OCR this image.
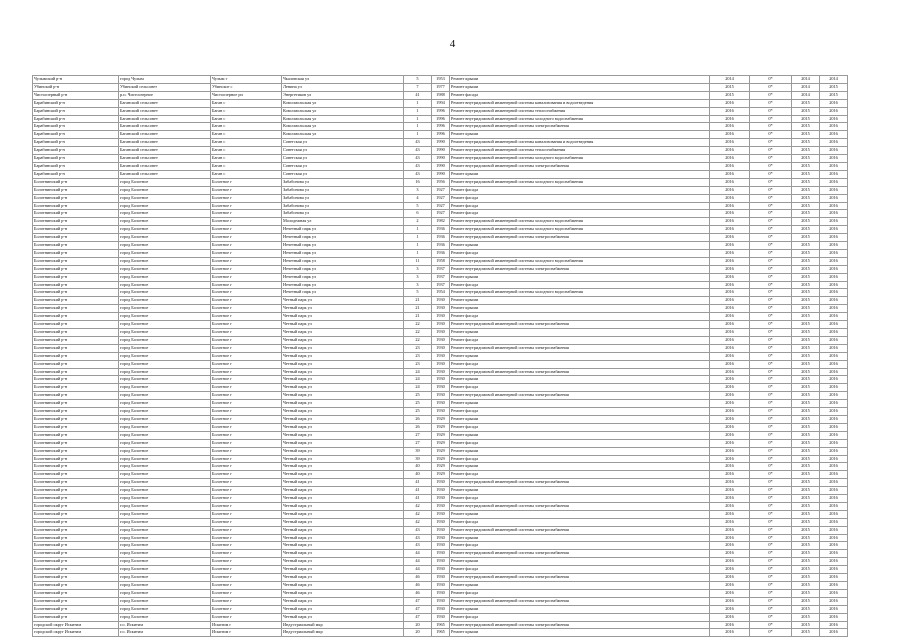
4
Чулымский р-н	город Чулым	Чулым г	Чкаловская ул	5	1953	Ремонт крыши	2014	0*	2014	2014
Убинский р-н	Убинский сельсовет	Убинское с	Ленина ул	7	1977	Ремонт крыши	2015	0*	2014	2015
Чистоозерный р-н	р.п. Чистоозерное	Чистоозерное рп	Энергетиков ул	41	1988	Ремонт фасада	2015	0*	2014	2015
Барабинский р-н	Баганский сельсовет	Баган с	Комсомольская ул	1	1994	Ремонт внутридомовой инженерной системы канализования и водоотведения	2016	0*	2015	2016
Барабинский р-н	Баганский сельсовет	Баган с	Комсомольская ул	1	1996	Ремонт внутридомовой инженерной системы теплоснабжения	2016	0*	2015	2016
Барабинский р-н	Баганский сельсовет	Баган с	Комсомольская ул	1	1996	Ремонт внутридомовой инженерной системы холодного водоснабжения	2016	0*	2015	2016
Барабинский р-н	Баганский сельсовет	Баган с	Комсомольская ул	1	1996	Ремонт внутридомовой инженерной системы электроснабжения	2016	0*	2015	2016
Барабинский р-н	Баганский сельсовет	Баган с	Комсомольская ул	1	1996	Ремонт крыши	2016	0*	2015	2016
Барабинский р-н	Баганский сельсовет	Баган с	Советская ул	43	1990	Ремонт внутридомовой инженерной системы канализования и водоотведения	2016	0*	2015	2016
Барабинский р-н	Баганский сельсовет	Баган с	Советская ул	43	1990	Ремонт внутридомовой инженерной системы теплоснабжения	2016	0*	2015	2016
Барабинский р-н	Баганский сельсовет	Баган с	Советская ул	43	1990	Ремонт внутридомовой инженерной системы холодного водоснабжения	2016	0*	2015	2016
Барабинский р-н	Баганский сельсовет	Баган с	Советская ул	43	1990	Ремонт внутридомовой инженерной системы электроснабжения	2016	0*	2015	2016
Барабинский р-н	Баганский сельсовет	Баган с	Советская ул	43	1990	Ремонт крыши	2016	0*	2015	2016
Болотнинский р-н	город Болотное	Болотное г	Забабонова ул	16	1956	Ремонт внутридомовой инженерной системы холодного водоснабжения	2016	0*	2015	2016
Болотнинский р-н	город Болотное	Болотное г	Забабонова ул	3	1927	Ремонт фасада	2016	0*	2015	2016
Болотнинский р-н	город Болотное	Болотное г	Забабонова ул	4	1927	Ремонт фасада	2016	0*	2015	2016
Болотнинский р-н	город Болотное	Болотное г	Забабонова ул	5	1927	Ремонт фасада	2016	0*	2015	2016
Болотнинский р-н	город Болотное	Болотное г	Забабонова ул	6	1927	Ремонт фасада	2016	0*	2015	2016
Болотнинский р-н	город Болотное	Болотное г	Молодежная ул	2	1982	Ремонт внутридомовой инженерной системы холодного водоснабжения	2016	0*	2015	2016
Болотнинский р-н	город Болотное	Болотное г	Нечетный парк ул	1	1936	Ремонт внутридомовой инженерной системы холодного водоснабжения	2016	0*	2015	2016
Болотнинский р-н	город Болотное	Болотное г	Нечетный парк ул	1	1936	Ремонт внутридомовой инженерной системы электроснабжения	2016	0*	2015	2016
Болотнинский р-н	город Болотное	Болотное г	Нечетный парк ул	1	1936	Ремонт крыши	2016	0*	2015	2016
Болотнинский р-н	город Болотное	Болотное г	Нечетный парк ул	1	1936	Ремонт фасада	2016	0*	2015	2016
Болотнинский р-н	город Болотное	Болотное г	Нечетный парк ул	11	1958	Ремонт внутридомовой инженерной системы холодного водоснабжения	2016	0*	2015	2016
Болотнинский р-н	город Болотное	Болотное г	Нечетный парк ул	3	1937	Ремонт внутридомовой инженерной системы электроснабжения	2016	0*	2015	2016
Болотнинский р-н	город Болотное	Болотное г	Нечетный парк ул	3	1937	Ремонт крыши	2016	0*	2015	2016
Болотнинский р-н	город Болотное	Болотное г	Нечетный парк ул	3	1937	Ремонт фасада	2016	0*	2015	2016
Болотнинский р-н	город Болотное	Болотное г	Нечетный парк ул	5	1954	Ремонт внутридомовой инженерной системы холодного водоснабжения	2016	0*	2015	2016
Болотнинский р-н	город Болотное	Болотное г	Четный парк ул	21	1930	Ремонт крыши	2016	0*	2015	2016
Болотнинский р-н	город Болотное	Болотное г	Четный парк ул	21	1930	Ремонт крыши	2016	0*	2015	2016
Болотнинский р-н	город Болотное	Болотное г	Четный парк ул	21	1930	Ремонт фасада	2016	0*	2015	2016
Болотнинский р-н	город Болотное	Болотное г	Четный парк ул	22	1930	Ремонт внутридомовой инженерной системы электроснабжения	2016	0*	2015	2016
Болотнинский р-н	город Болотное	Болотное г	Четный парк ул	22	1930	Ремонт крыши	2016	0*	2015	2016
Болотнинский р-н	город Болотное	Болотное г	Четный парк ул	22	1930	Ремонт фасада	2016	0*	2015	2016
Болотнинский р-н	город Болотное	Болотное г	Четный парк ул	23	1930	Ремонт внутридомовой инженерной системы электроснабжения	2016	0*	2015	2016
Болотнинский р-н	город Болотное	Болотное г	Четный парк ул	23	1930	Ремонт крыши	2016	0*	2015	2016
Болотнинский р-н	город Болотное	Болотное г	Четный парк ул	23	1930	Ремонт фасада	2016	0*	2015	2016
Болотнинский р-н	город Болотное	Болотное г	Четный парк ул	24	1930	Ремонт внутридомовой инженерной системы электроснабжения	2016	0*	2015	2016
Болотнинский р-н	город Болотное	Болотное г	Четный парк ул	24	1930	Ремонт крыши	2016	0*	2015	2016
Болотнинский р-н	город Болотное	Болотное г	Четный парк ул	24	1930	Ремонт фасада	2016	0*	2015	2016
Болотнинский р-н	город Болотное	Болотное г	Четный парк ул	25	1930	Ремонт внутридомовой инженерной системы электроснабжения	2016	0*	2015	2016
Болотнинский р-н	город Болотное	Болотное г	Четный парк ул	25	1930	Ремонт крыши	2016	0*	2015	2016
Болотнинский р-н	город Болотное	Болотное г	Четный парк ул	25	1930	Ремонт фасада	2016	0*	2015	2016
Болотнинский р-н	город Болотное	Болотное г	Четный парк ул	26	1929	Ремонт крыши	2016	0*	2015	2016
Болотнинский р-н	город Болотное	Болотное г	Четный парк ул	26	1929	Ремонт фасада	2016	0*	2015	2016
Болотнинский р-н	город Болотное	Болотное г	Четный парк ул	27	1929	Ремонт крыши	2016	0*	2015	2016
Болотнинский р-н	город Болотное	Болотное г	Четный парк ул	27	1929	Ремонт фасада	2016	0*	2015	2016
Болотнинский р-н	город Болотное	Болотное г	Четный парк ул	39	1929	Ремонт крыши	2016	0*	2015	2016
Болотнинский р-н	город Болотное	Болотное г	Четный парк ул	39	1929	Ремонт фасада	2016	0*	2015	2016
Болотнинский р-н	город Болотное	Болотное г	Четный парк ул	40	1929	Ремонт крыши	2016	0*	2015	2016
Болотнинский р-н	город Болотное	Болотное г	Четный парк ул	40	1929	Ремонт фасада	2016	0*	2015	2016
Болотнинский р-н	город Болотное	Болотное г	Четный парк ул	41	1930	Ремонт внутридомовой инженерной системы электроснабжения	2016	0*	2015	2016
Болотнинский р-н	город Болотное	Болотное г	Четный парк ул	41	1930	Ремонт крыши	2016	0*	2015	2016
Болотнинский р-н	город Болотное	Болотное г	Четный парк ул	41	1930	Ремонт фасада	2016	0*	2015	2016
Болотнинский р-н	город Болотное	Болотное г	Четный парк ул	42	1930	Ремонт внутридомовой инженерной системы электроснабжения	2016	0*	2015	2016
Болотнинский р-н	город Болотное	Болотное г	Четный парк ул	42	1930	Ремонт крыши	2016	0*	2015	2016
Болотнинский р-н	город Болотное	Болотное г	Четный парк ул	42	1930	Ремонт фасада	2016	0*	2015	2016
Болотнинский р-н	город Болотное	Болотное г	Четный парк ул	43	1930	Ремонт внутридомовой инженерной системы электроснабжения	2016	0*	2015	2016
Болотнинский р-н	город Болотное	Болотное г	Четный парк ул	43	1930	Ремонт крыши	2016	0*	2015	2016
Болотнинский р-н	город Болотное	Болотное г	Четный парк ул	43	1930	Ремонт фасада	2016	0*	2015	2016
Болотнинский р-н	город Болотное	Болотное г	Четный парк ул	44	1930	Ремонт внутридомовой инженерной системы электроснабжения	2016	0*	2015	2016
Болотнинский р-н	город Болотное	Болотное г	Четный парк ул	44	1930	Ремонт крыши	2016	0*	2015	2016
Болотнинский р-н	город Болотное	Болотное г	Четный парк ул	44	1930	Ремонт фасада	2016	0*	2015	2016
Болотнинский р-н	город Болотное	Болотное г	Четный парк ул	46	1930	Ремонт внутридомовой инженерной системы электроснабжения	2016	0*	2015	2016
Болотнинский р-н	город Болотное	Болотное г	Четный парк ул	46	1930	Ремонт крыши	2016	0*	2015	2016
Болотнинский р-н	город Болотное	Болотное г	Четный парк ул	46	1930	Ремонт фасада	2016	0*	2015	2016
Болотнинский р-н	город Болотное	Болотное г	Четный парк ул	47	1930	Ремонт внутридомовой инженерной системы электроснабжения	2016	0*	2015	2016
Болотнинский р-н	город Болотное	Болотное г	Четный парк ул	47	1930	Ремонт крыши	2016	0*	2015	2016
Болотнинский р-н	город Болотное	Болотное г	Четный парк ул	47	1930	Ремонт фасада	2016	0*	2015	2016
городской округ Искитим	г.о. Искитим	Искитим г	Индустриальный мкр	20	1965	Ремонт внутридомовой инженерной системы электроснабжения	2016	0*	2015	2016
городской округ Искитим	г.о. Искитим	Искитим г	Индустриальный мкр	20	1965	Ремонт крыши	2016	0*	2015	2016
